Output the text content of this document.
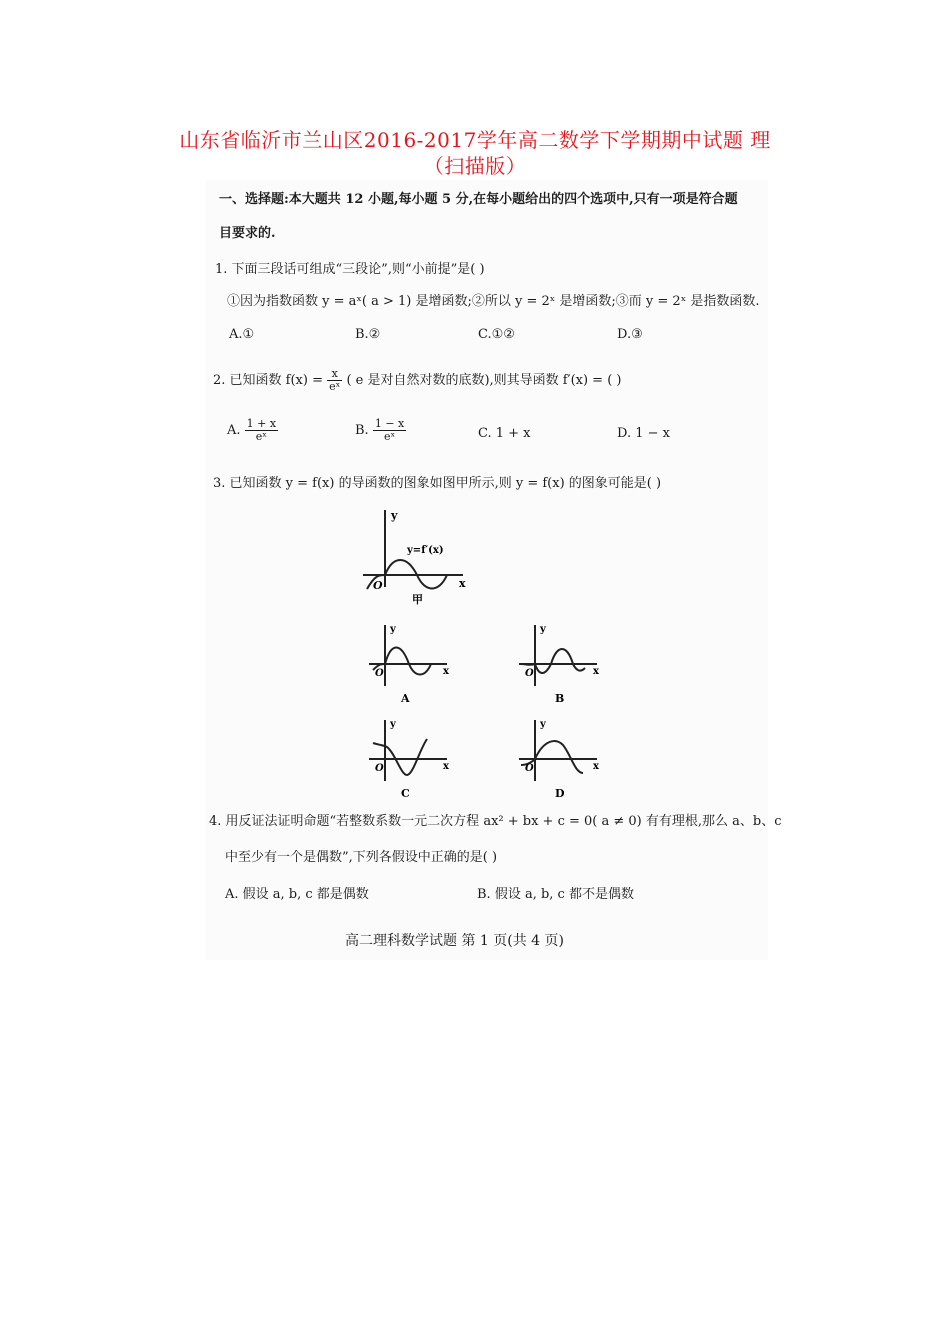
山东省临沂市兰山区2016-2017学年高二数学下学期期中试题 理
（扫描版）
一、选择题:本大题共 12 小题,每小题 5 分,在每小题给出的四个选项中,只有一项是符合题
目要求的.
1. 下面三段话可组成“三段论”,则“小前提”是( )
①因为指数函数 y = aˣ( a > 1) 是增函数;②所以 y = 2ˣ 是增函数;③而 y = 2ˣ 是指数函数.
A.①	B.②	C.①②	D.③
2. 已知函数 $f(x) = \frac{x}{\text{eˣ}}$ ( e 是对自然对数的底数),则其导函数 f′(x) = ( )
A. $\frac{1 + x}{\text{eˣ}}$	B. $\frac{1 - x}{\text{eˣ}}$	C. 1 + x	D. 1 − x
3. 已知函数 y = f(x) 的导函数的图象如图甲所示,则 y = f(x) 的图象可能是( )
y
x
O
y=f′(x)
甲
y
x
O
A
y
x
O
B
y
x
O
C
y
x
O
D
4. 用反证法证明命题“若整数系数一元二次方程 ax² + bx + c = 0( a ≠ 0) 有有理根,那么 a、b、c
中至少有一个是偶数”,下列各假设中正确的是( )
A. 假设 a, b, c 都是偶数	B. 假设 a, b, c 都不是偶数
高二理科数学试题 第 1 页(共 4 页)
